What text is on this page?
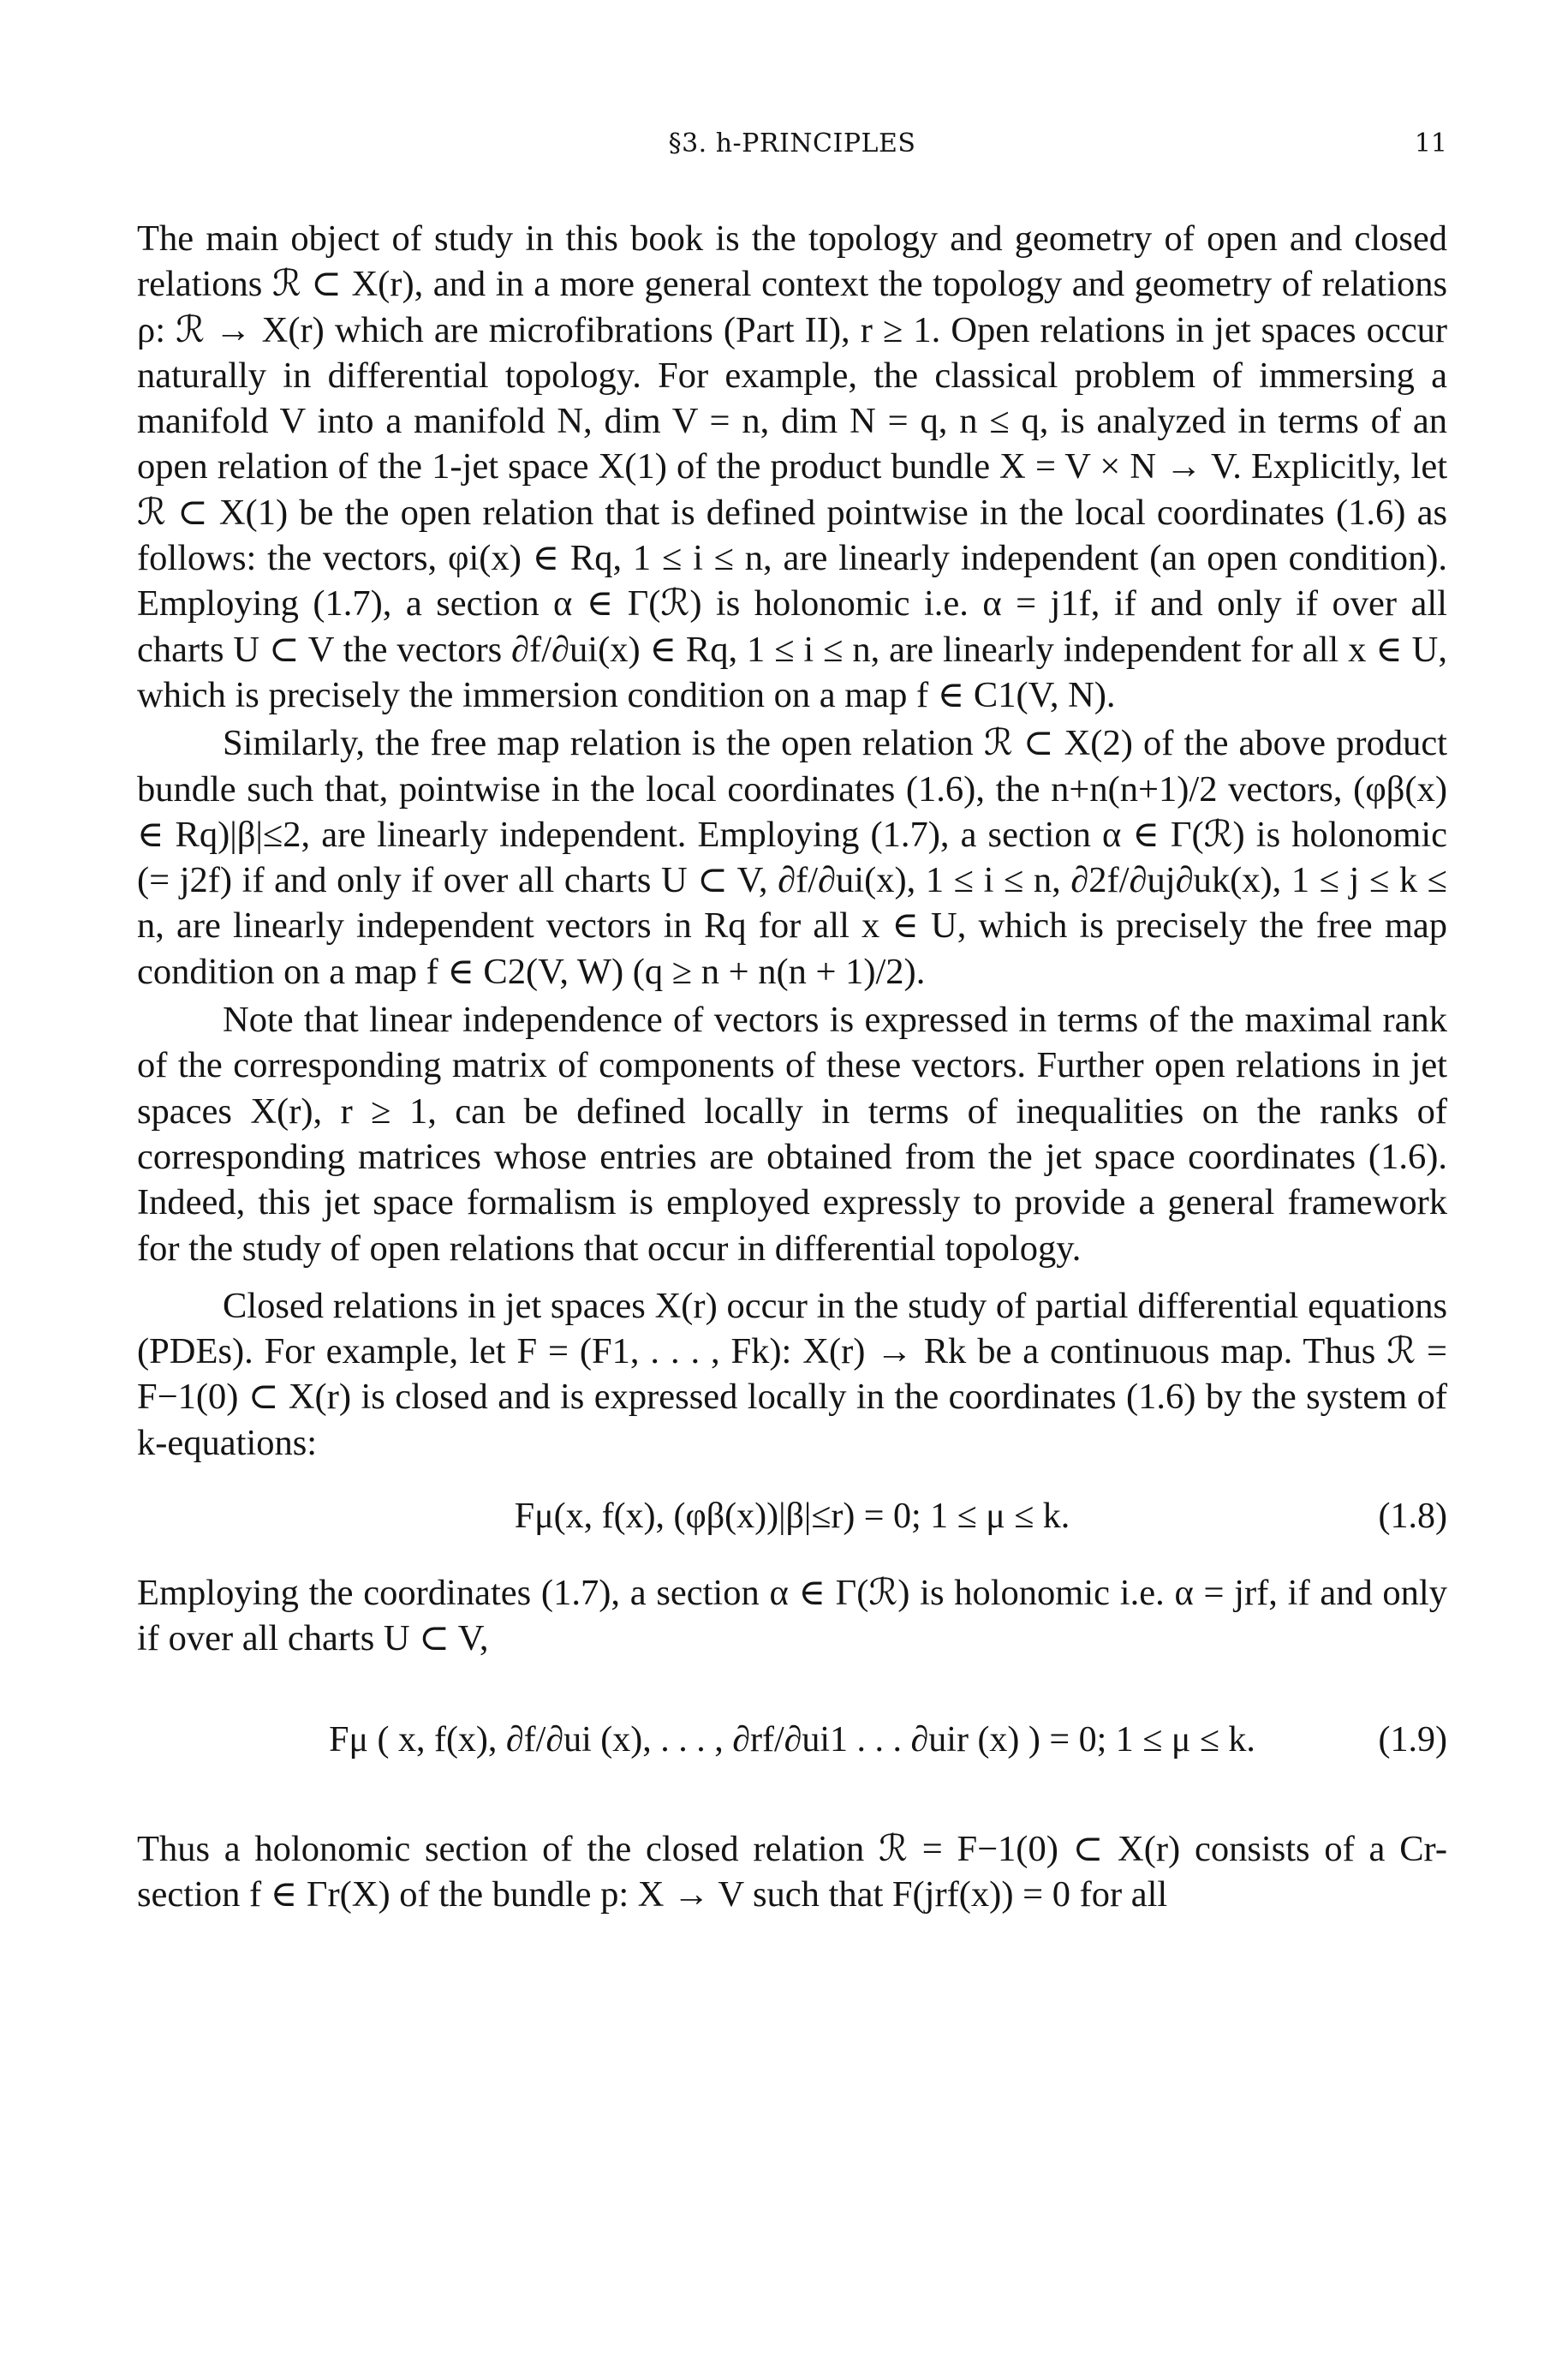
§3. h-PRINCIPLES	11

The main object of study in this book is the topology and geometry of open and closed relations ℛ ⊂ X(r), and in a more general context the topology and geometry of relations ρ: ℛ → X(r) which are microfibrations (Part II), r ≥ 1. Open relations in jet spaces occur naturally in differential topology. For example, the classical problem of immersing a manifold V into a manifold N, dim V = n, dim N = q, n ≤ q, is analyzed in terms of an open relation of the 1-jet space X(1) of the product bundle X = V × N → V. Explicitly, let ℛ ⊂ X(1) be the open relation that is defined pointwise in the local coordinates (1.6) as follows: the vectors, φi(x) ∈ Rq, 1 ≤ i ≤ n, are linearly independent (an open condition). Employing (1.7), a section α ∈ Γ(ℛ) is holonomic i.e. α = j1f, if and only if over all charts U ⊂ V the vectors ∂f/∂ui(x) ∈ Rq, 1 ≤ i ≤ n, are linearly independent for all x ∈ U, which is precisely the immersion condition on a map f ∈ C1(V, N).

Similarly, the free map relation is the open relation ℛ ⊂ X(2) of the above product bundle such that, pointwise in the local coordinates (1.6), the n+n(n+1)/2 vectors, (φβ(x) ∈ Rq)|β|≤2, are linearly independent. Employing (1.7), a section α ∈ Γ(ℛ) is holonomic (= j2f) if and only if over all charts U ⊂ V, ∂f/∂ui(x), 1 ≤ i ≤ n, ∂2f/∂uj∂uk(x), 1 ≤ j ≤ k ≤ n, are linearly independent vectors in Rq for all x ∈ U, which is precisely the free map condition on a map f ∈ C2(V, W) (q ≥ n + n(n + 1)/2).

Note that linear independence of vectors is expressed in terms of the maximal rank of the corresponding matrix of components of these vectors. Further open relations in jet spaces X(r), r ≥ 1, can be defined locally in terms of inequalities on the ranks of corresponding matrices whose entries are obtained from the jet space coordinates (1.6). Indeed, this jet space formalism is employed expressly to provide a general framework for the study of open relations that occur in differential topology.

Closed relations in jet spaces X(r) occur in the study of partial differential equations (PDEs). For example, let F = (F1, . . . , Fk): X(r) → Rk be a continuous map. Thus ℛ = F−1(0) ⊂ X(r) is closed and is expressed locally in the coordinates (1.6) by the system of k-equations:

Fμ(x, f(x), (φβ(x))|β|≤r) = 0; 1 ≤ μ ≤ k.	(1.8)

Employing the coordinates (1.7), a section α ∈ Γ(ℛ) is holonomic i.e. α = jrf, if and only if over all charts U ⊂ V,

Fμ ( x, f(x), ∂f/∂ui (x), . . . , ∂rf/∂ui1 . . . ∂uir (x) ) = 0; 1 ≤ μ ≤ k.	(1.9)

Thus a holonomic section of the closed relation ℛ = F−1(0) ⊂ X(r) consists of a Cr-section f ∈ Γr(X) of the bundle p: X → V such that F(jrf(x)) = 0 for all
